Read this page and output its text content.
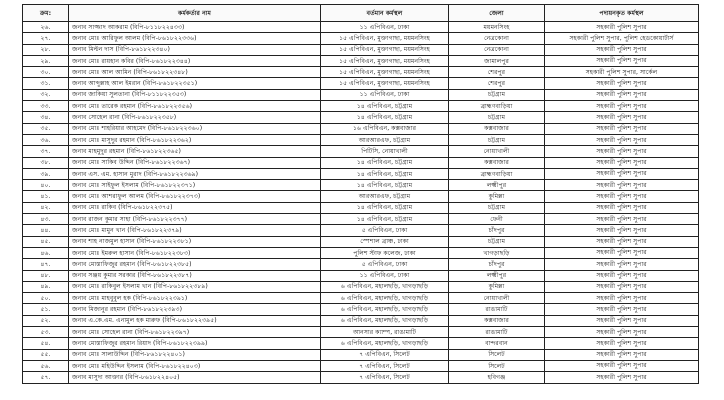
ক্রম:	কর্মকর্তার নাম	বর্তমান কর্মস্থল	জেলা	পদায়নকৃত কর্মস্থল
২৬.	জনাব সাজ্জাদ আকরাম (বিপি-৮১১৮২২৪৩৩)	১১ এপিবিএন, ঢাকা	ময়মনসিংহ	সহকারী পুলিশ সুপার
২৭.	জনাব মোঃ আরিফুল আলম (বিপি-৮৬১৮২২৩৩৬)	১৫ এপিবিএন, মুক্তাগাছা, ময়মনসিংহ	নেত্রকোনা	সহকারী পুলিশ সুপার, পুলিশ হেডকোয়ার্টার্স
২৮.	জনাব মিল্টন দাস (বিপি-৮৬১৮২২৩৪০)	১৫ এপিবিএন, মুক্তাগাছা, ময়মনসিংহ	নেত্রকোনা	সহকারী পুলিশ সুপার
২৯.	জনাব মোঃ রায়হান কবির (বিপি-৮৬১৮২২৩৪৪)	১৫ এপিবিএন, মুক্তাগাছা, ময়মনসিংহ	জামালপুর	সহকারী পুলিশ সুপার
৩০.	জনাব মোঃ আল আমিন (বিপি-৮৬১৮২২৩৪৮)	১৫ এপিবিএন, মুক্তাগাছা, ময়মনসিংহ	শেরপুর	সহকারী পুলিশ সুপার, সার্কেল
৩১.	জনাব আব্দুল্লাহ আল ইমরান (বিপি-৮৬১৮২২৩৫১)	১৫ এপিবিএন, মুক্তাগাছা, ময়মনসিংহ	শেরপুর	সহকারী পুলিশ সুপার
৩২.	জনাব জাকিয়া সুলতানা (বিপি-৮১১৮২২৩৫৩)	১১ এপিবিএন, ঢাকা	চট্টগ্রাম	সহকারী পুলিশ সুপার
৩৩.	জনাব মোঃ তারেক রহমান (বিপি-৮৬১৮২২৩৫৬)	১৪ এপিবিএন, চট্টগ্রাম	ব্রাহ্মণবাড়িয়া	সহকারী পুলিশ সুপার
৩৪.	জনাব সোহেল রানা (বিপি-৮৬১৮২২৩৫৮)	১৪ এপিবিএন, চট্টগ্রাম	চট্টগ্রাম	সহকারী পুলিশ সুপার
৩৫.	জনাব মোঃ শাহরিয়ার আহমেদ (বিপি-৮৬১৮২২৩৬০)	১৬ এপিবিএন, কক্সবাজার	কক্সবাজার	সহকারী পুলিশ সুপার
৩৬.	জনাব মোঃ মাসুদুর রহমান (বিপি-৮৬১৮২২৩৬২)	আরআরএফ, চট্টগ্রাম	চট্টগ্রাম	সহকারী পুলিশ সুপার
৩৭.	জনাব মাহমুদুর রহমান (বিপি-৮৬১৮২২৩৬৫)	পিটিসি, নোয়াখালী	নোয়াখালী	সহকারী পুলিশ সুপার
৩৮.	জনাব মোঃ সাকিব উদ্দিন (বিপি-৮৬১৮২২৩৬৭)	১৪ এপিবিএন, চট্টগ্রাম	কক্সবাজার	সহকারী পুলিশ সুপার
৩৯.	জনাব এস. এম. হাসান মুরাদ (বিপি-৮৬১৮২২৩৬৯)	১৪ এপিবিএন, চট্টগ্রাম	ব্রাহ্মণবাড়িয়া	সহকারী পুলিশ সুপার
৪০.	জনাব মোঃ সাইফুল ইসলাম (বিপি-৮৬১৮২২৩৭১)	১৪ এপিবিএন, চট্টগ্রাম	লক্ষ্মীপুর	সহকারী পুলিশ সুপার
৪১.	জনাব মোঃ আশরাফুল আলম (বিপি-৮৬১৮২২৩৭৩)	আরআরএফ, চট্টগ্রাম	কুমিল্লা	সহকারী পুলিশ সুপার
৪২.	জনাব মোঃ রাকিব (বিপি-৮৬১৮২২৩৭৫)	১৪ এপিবিএন, চট্টগ্রাম	চট্টগ্রাম	সহকারী পুলিশ সুপার
৪৩.	জনাব রাজন কুমার সাহা (বিপি-৮৬১৮২২৩৭৭)	১৪ এপিবিএন, চট্টগ্রাম	ফেনী	সহকারী পুলিশ সুপার
৪৪.	জনাব মোঃ মামুন খান (বিপি-৮৬১৮২২৩৭৯)	৫ এপিবিএন, ঢাকা	চাঁদপুর	সহকারী পুলিশ সুপার
৪৫.	জনাব শাহ নাজমুল হাসান (বিপি-৮৬১৮২২৩৮১)	স্পেশাল ব্রাঞ্চ, ঢাকা	চট্টগ্রাম	সহকারী পুলিশ সুপার
৪৬.	জনাব মোঃ ইমরুল হাসান (বিপি-৮৬১৮২২৩৮৩)	পুলিশ স্টাফ কলেজ, ঢাকা	খাগড়াছড়ি	সহকারী পুলিশ সুপার
৪৭.	জনাব মোস্তাফিজুর রহমান (বিপি-৮৬১৮২২৩৮৫)	৫ এপিবিএন, ঢাকা	চাঁদপুর	সহকারী পুলিশ সুপার
৪৮.	জনাব সঞ্জয় কুমার সরকার (বিপি-৮৬১৮২২৩৮৭)	১১ এপিবিএন, ঢাকা	লক্ষ্মীপুর	সহকারী পুলিশ সুপার
৪৯.	জনাব মোঃ রাকিবুল ইসলাম খান (বিপি-৮৬১৮২২৩৮৯)	৬ এপিবিএন, মহালছড়ি, খাগড়াছড়ি	কুমিল্লা	সহকারী পুলিশ সুপার
৫০.	জনাব মোঃ মাহবুবুল হক (বিপি-৮৬১৮২২৩৯১)	৬ এপিবিএন, মহালছড়ি, খাগড়াছড়ি	নোয়াখালী	সহকারী পুলিশ সুপার
৫১.	জনাব মিজানুর রহমান (বিপি-৮৬১৮২২৩৯৩)	৬ এপিবিএন, মহালছড়ি, খাগড়াছড়ি	রাঙামাটি	সহকারী পুলিশ সুপার
৫২.	জনাব এ.কে.এম. এনামুল হক মারুফ (বিপি-৮৬১৮২২৩৯৫)	৬ এপিবিএন, মহালছড়ি, খাগড়াছড়ি	কক্সবাজার	সহকারী পুলিশ সুপার
৫৩.	জনাব মোঃ সোহেল রানা (বিপি-৮৬১৮২২৩৯৭)	আনসার ক্যাম্প, রাঙামাটি	রাঙামাটি	সহকারী পুলিশ সুপার
৫৪.	জনাব মোস্তাফিজুর রহমান রিয়াদ (বিপি-৮৬১৮২২৩৯৯)	৬ এপিবিএন, মহালছড়ি, খাগড়াছড়ি	বান্দরবান	সহকারী পুলিশ সুপার
৫৫.	জনাব মোঃ সালাউদ্দিন (বিপি-৮৬১৮২২৪০১)	৭ এপিবিএন, সিলেট	সিলেট	সহকারী পুলিশ সুপার
৫৬.	জনাব মোঃ মহিউদ্দিন ইসলাম (বিপি-৮৬১৮২২৪০৩)	৭ এপিবিএন, সিলেট	সিলেট	সহকারী পুলিশ সুপার
৫৭.	জনাব মাসুদা আক্তার (বিপি-৮৬১৮২২৪০৫)	৭ এপিবিএন, সিলেট	হবিগঞ্জ	সহকারী পুলিশ সুপার
